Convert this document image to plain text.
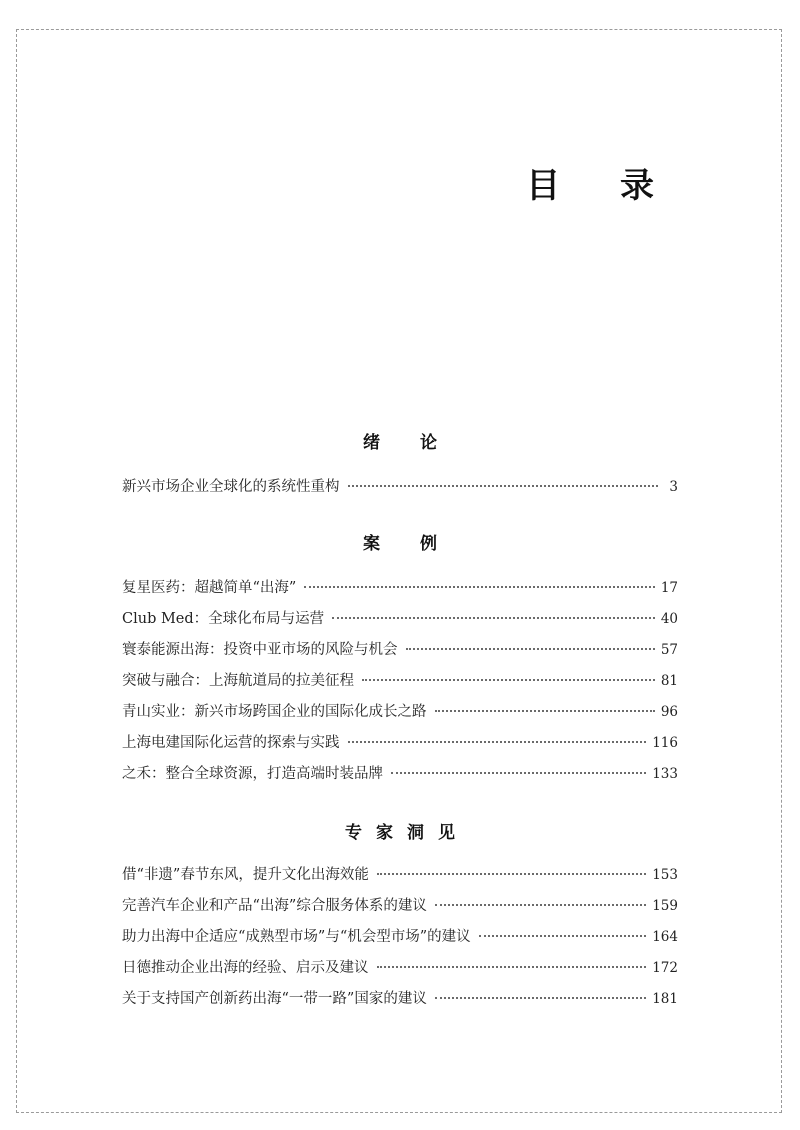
目 录
绪论
新兴市场企业全球化的系统性重构	3
案例
复星医药：超越简单“出海”	17
Club Med：全球化布局与运营	40
寰泰能源出海：投资中亚市场的风险与机会	57
突破与融合：上海航道局的拉美征程	81
青山实业：新兴市场跨国企业的国际化成长之路	96
上海电建国际化运营的探索与实践	116
之禾：整合全球资源，打造高端时装品牌	133
专家洞见
借“非遗”春节东风，提升文化出海效能	153
完善汽车企业和产品“出海”综合服务体系的建议	159
助力出海中企适应“成熟型市场”与“机会型市场”的建议	164
日德推动企业出海的经验、启示及建议	172
关于支持国产创新药出海“一带一路”国家的建议	181
